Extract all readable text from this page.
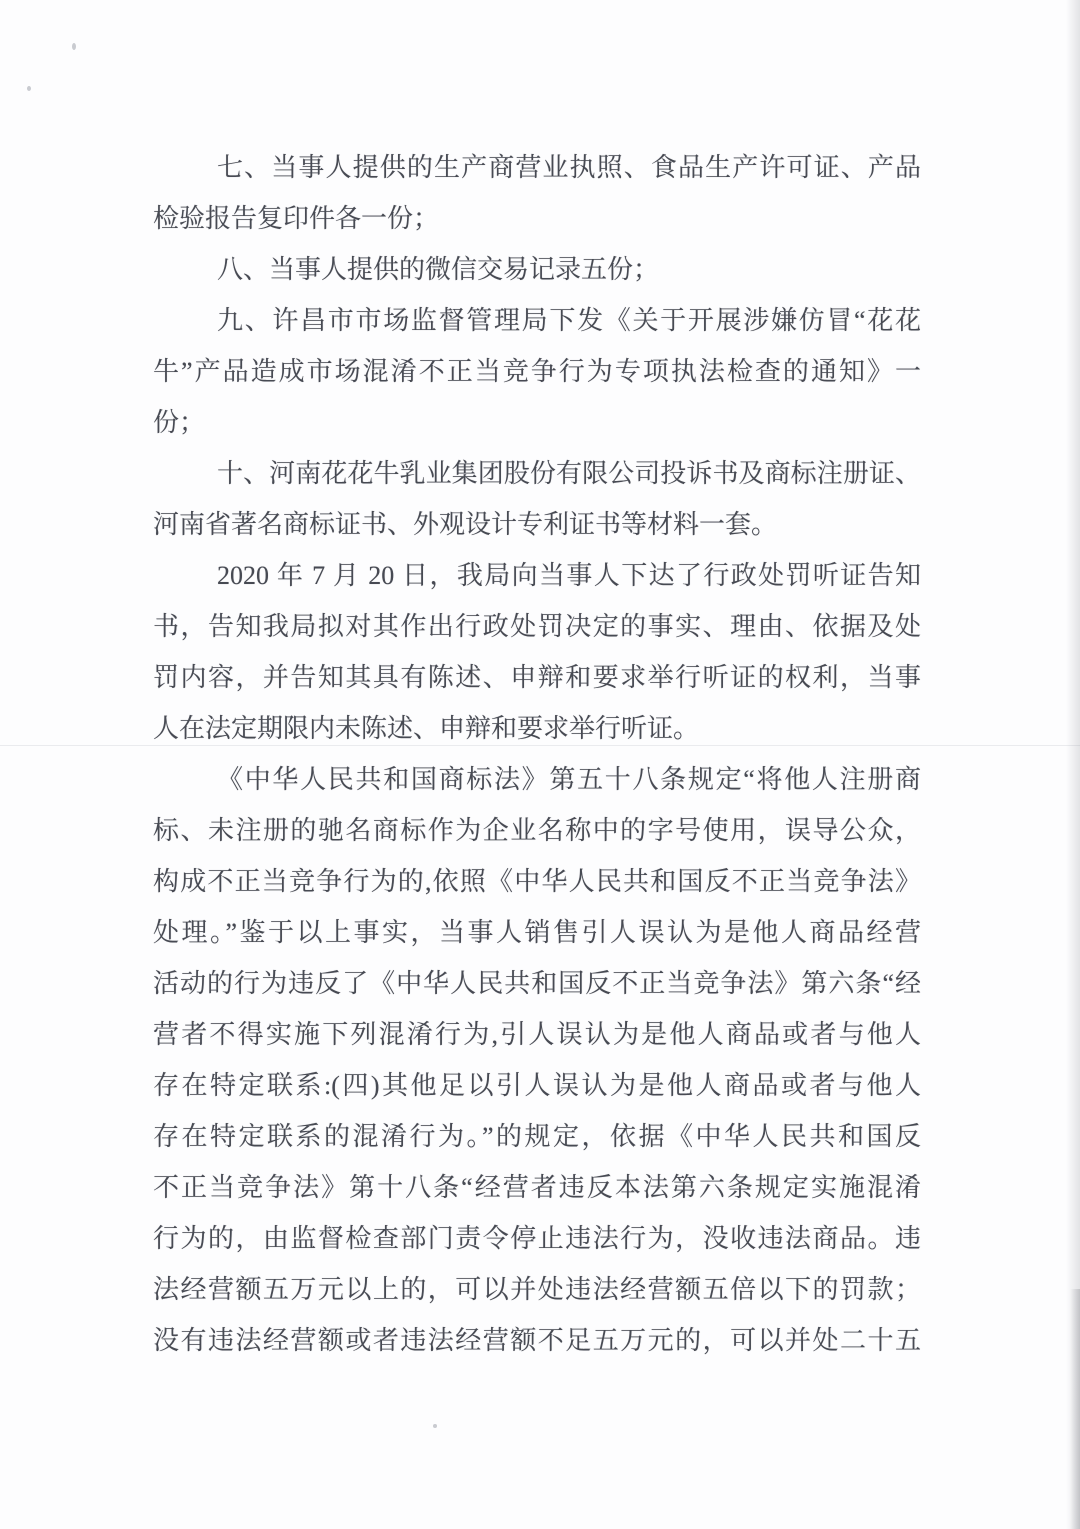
七、当事人提供的生产商营业执照、食品生产许可证、产品
检验报告复印件各一份；
八、当事人提供的微信交易记录五份；
九、许昌市市场监督管理局下发《关于开展涉嫌仿冒“花花
牛”产品造成市场混淆不正当竞争行为专项执法检查的通知》一
份；
十、河南花花牛乳业集团股份有限公司投诉书及商标注册证、
河南省著名商标证书、外观设计专利证书等材料一套。
2020 年 7 月 20 日，我局向当事人下达了行政处罚听证告知
书，告知我局拟对其作出行政处罚决定的事实、理由、依据及处
罚内容，并告知其具有陈述、申辩和要求举行听证的权利，当事
人在法定期限内未陈述、申辩和要求举行听证。
《中华人民共和国商标法》第五十八条规定“将他人注册商
标、未注册的驰名商标作为企业名称中的字号使用，误导公众，
构成不正当竞争行为的,依照《中华人民共和国反不正当竞争法》
处理。”鉴于以上事实，当事人销售引人误认为是他人商品经营
活动的行为违反了《中华人民共和国反不正当竞争法》第六条“经
营者不得实施下列混淆行为,引人误认为是他人商品或者与他人
存在特定联系:(四)其他足以引人误认为是他人商品或者与他人
存在特定联系的混淆行为。”的规定，依据《中华人民共和国反
不正当竞争法》第十八条“经营者违反本法第六条规定实施混淆
行为的，由监督检查部门责令停止违法行为，没收违法商品。违
法经营额五万元以上的，可以并处违法经营额五倍以下的罚款；
没有违法经营额或者违法经营额不足五万元的，可以并处二十五
